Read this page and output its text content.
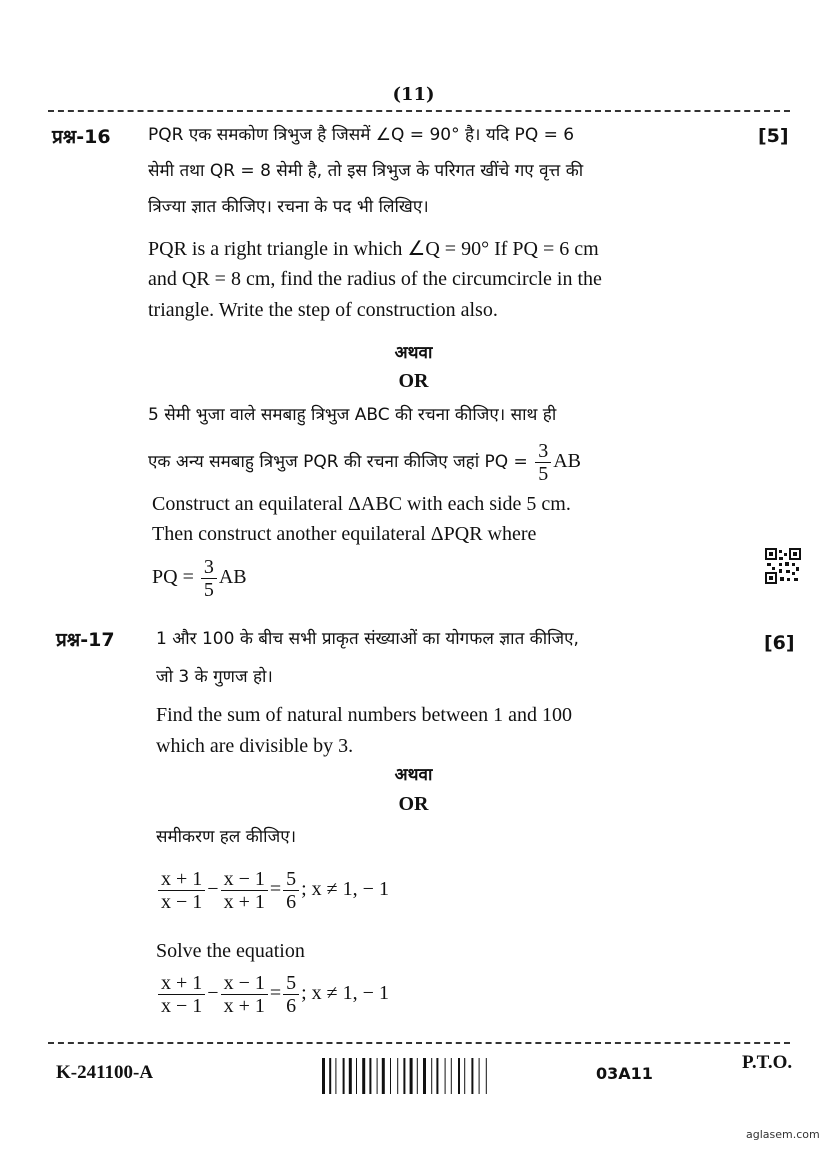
(11)
प्रश्न-16	[5]
PQR एक समकोण त्रिभुज है जिसमें ∠Q = 90° है। यदि PQ = 6
सेमी तथा QR = 8 सेमी है, तो इस त्रिभुज के परिगत खींचे गए वृत्त की
त्रिज्या ज्ञात कीजिए। रचना के पद भी लिखिए।
PQR is a right triangle in which ∠Q = 90° If PQ = 6 cm
and QR = 8 cm, find the radius of the circumcircle in the
triangle. Write the step of construction also.
अथवा
OR
5 सेमी भुजा वाले समबाहु त्रिभुज ABC की रचना कीजिए। साथ ही
एक अन्य समबाहु त्रिभुज PQR की रचना कीजिए जहां PQ = $\frac{3}{5}$ AB
Construct an equilateral ΔABC with each side 5 cm.
Then construct another equilateral ΔPQR where
PQ = $\frac{3}{5}$ AB
प्रश्न-17	[6]
1 और 100 के बीच सभी प्राकृत संख्याओं का योगफल ज्ञात कीजिए,
जो 3 के गुणज हो।
Find the sum of natural numbers between 1 and 100
which are divisible by 3.
अथवा
OR
समीकरण हल कीजिए।
$\frac{x + 1}{x - 1} - \frac{x - 1}{x + 1} = \frac{5}{6}$ ; x ≠ 1, − 1
Solve the equation
$\frac{x + 1}{x - 1} - \frac{x - 1}{x + 1} = \frac{5}{6}$ ; x ≠ 1, − 1
K-241100-A	03A11
P.T.O.
aglasem.com
